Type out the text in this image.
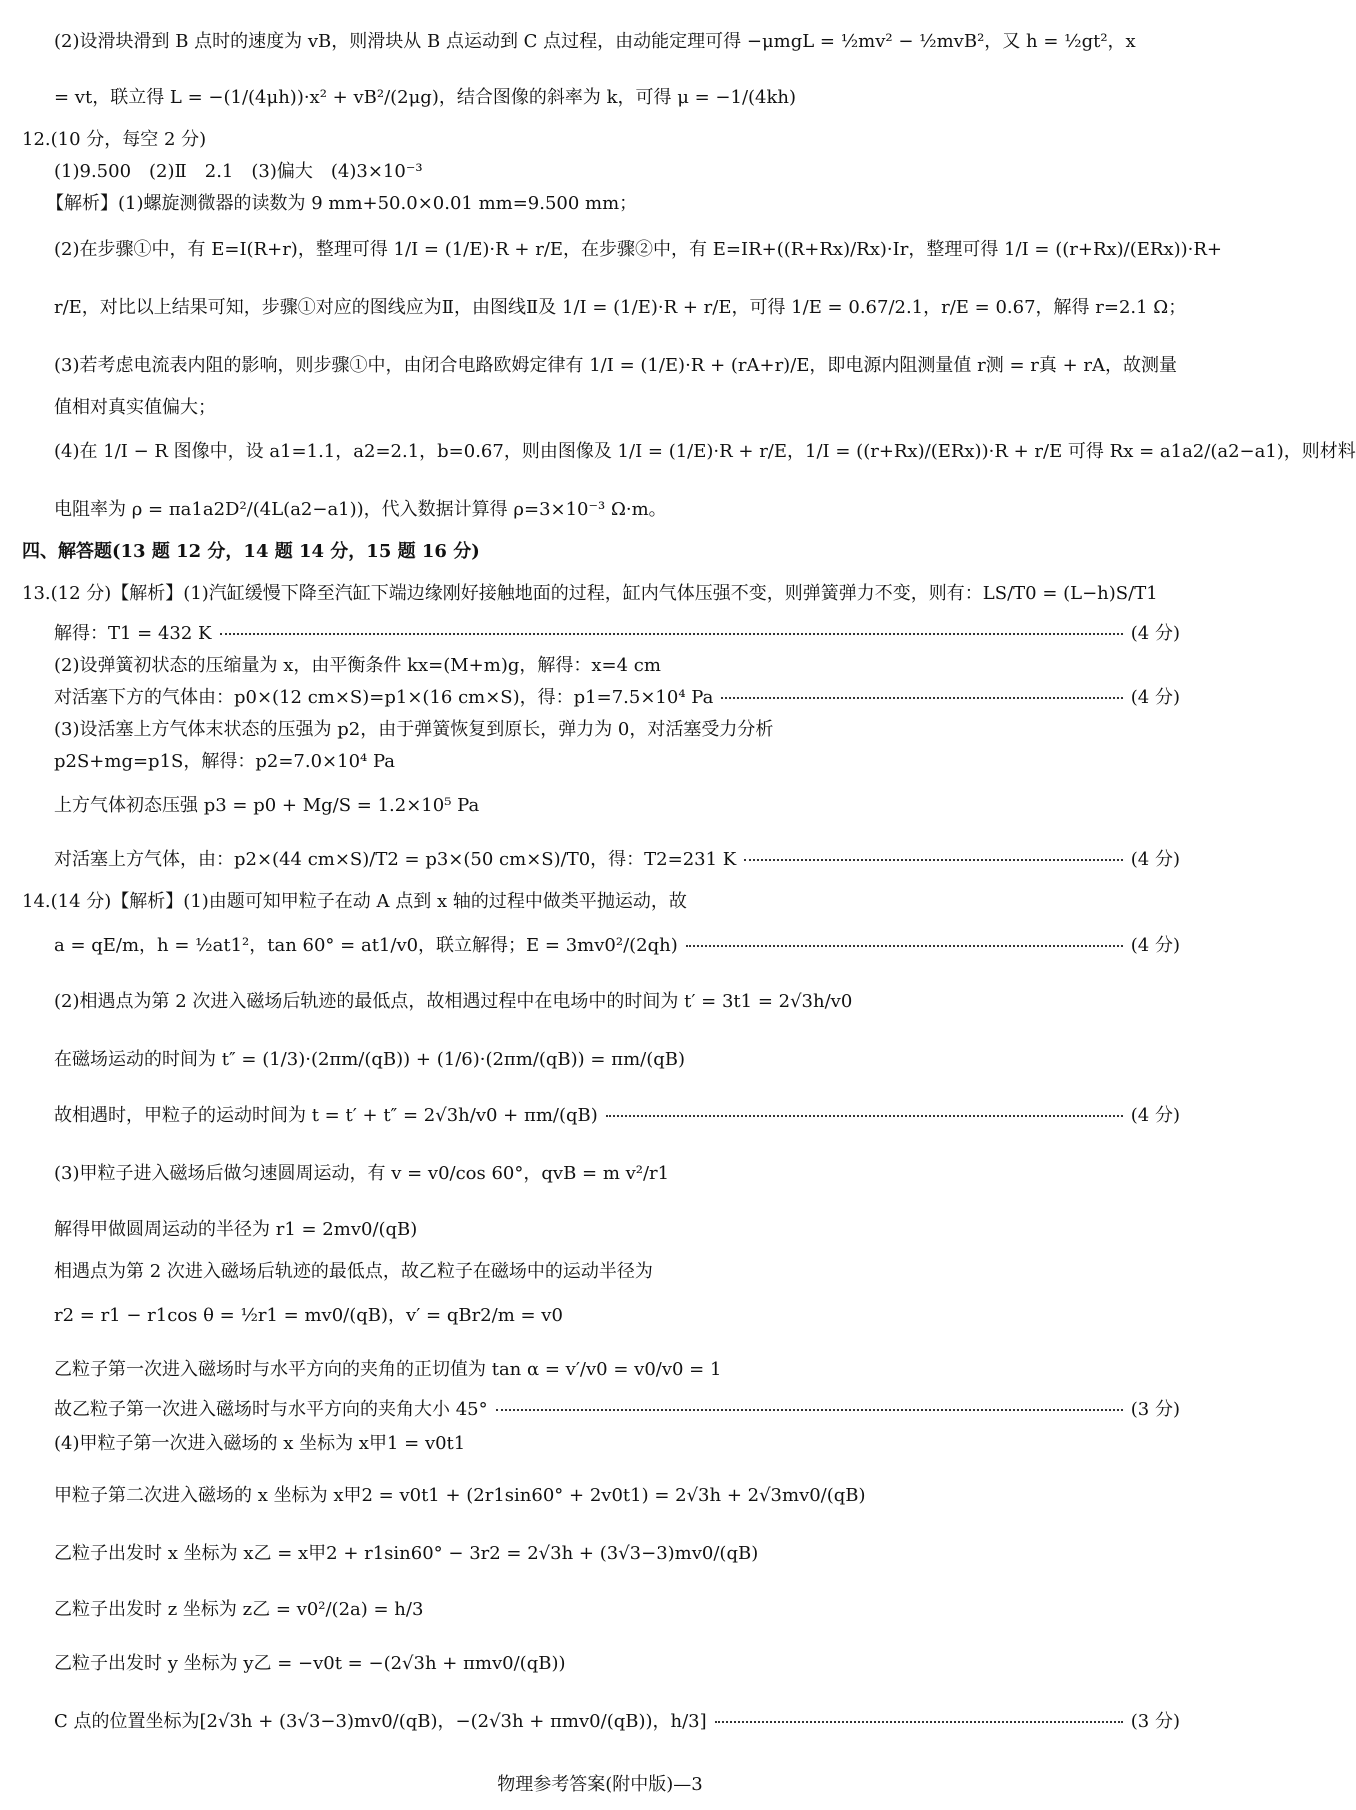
(2)设滑块滑到 B 点时的速度为 vB，则滑块从 B 点运动到 C 点过程，由动能定理可得 −μmgL = ½mv² − ½mvB²，又 h = ½gt²，x
= vt，联立得 L = −(1/(4μh))·x² + vB²/(2μg)，结合图像的斜率为 k，可得 μ = −1/(4kh)
12.(10 分，每空 2 分)
(1)9.500　(2)Ⅱ　2.1　(3)偏大　(4)3×10⁻³
【解析】(1)螺旋测微器的读数为 9 mm+50.0×0.01 mm=9.500 mm；
(2)在步骤①中，有 E=I(R+r)，整理可得 1/I = (1/E)·R + r/E，在步骤②中，有 E=IR+((R+Rx)/Rx)·Ir，整理可得 1/I = ((r+Rx)/(ERx))·R+
r/E，对比以上结果可知，步骤①对应的图线应为Ⅱ，由图线Ⅱ及 1/I = (1/E)·R + r/E，可得 1/E = 0.67/2.1，r/E = 0.67，解得 r=2.1 Ω；
(3)若考虑电流表内阻的影响，则步骤①中，由闭合电路欧姆定律有 1/I = (1/E)·R + (rA+r)/E，即电源内阻测量值 r测 = r真 + rA，故测量
值相对真实值偏大；
(4)在 1/I − R 图像中，设 a1=1.1，a2=2.1，b=0.67，则由图像及 1/I = (1/E)·R + r/E，1/I = ((r+Rx)/(ERx))·R + r/E 可得 Rx = a1a2/(a2−a1)，则材料
电阻率为 ρ = πa1a2D²/(4L(a2−a1))，代入数据计算得 ρ=3×10⁻³ Ω·m。
四、解答题(13 题 12 分，14 题 14 分，15 题 16 分)
13.(12 分)【解析】(1)汽缸缓慢下降至汽缸下端边缘刚好接触地面的过程，缸内气体压强不变，则弹簧弹力不变，则有：LS/T0 = (L−h)S/T1
解得：T1 = 432 K	(4 分)
(2)设弹簧初状态的压缩量为 x，由平衡条件 kx=(M+m)g，解得：x=4 cm
对活塞下方的气体由：p0×(12 cm×S)=p1×(16 cm×S)，得：p1=7.5×10⁴ Pa	(4 分)
(3)设活塞上方气体末状态的压强为 p2，由于弹簧恢复到原长，弹力为 0，对活塞受力分析
p2S+mg=p1S，解得：p2=7.0×10⁴ Pa
上方气体初态压强 p3 = p0 + Mg/S = 1.2×10⁵ Pa
对活塞上方气体，由：p2×(44 cm×S)/T2 = p3×(50 cm×S)/T0，得：T2=231 K	(4 分)
14.(14 分)【解析】(1)由题可知甲粒子在动 A 点到 x 轴的过程中做类平抛运动，故
a = qE/m，h = ½at1²，tan 60° = at1/v0，联立解得；E = 3mv0²/(2qh)	(4 分)
(2)相遇点为第 2 次进入磁场后轨迹的最低点，故相遇过程中在电场中的时间为 t′ = 3t1 = 2√3h/v0
在磁场运动的时间为 t″ = (1/3)·(2πm/(qB)) + (1/6)·(2πm/(qB)) = πm/(qB)
故相遇时，甲粒子的运动时间为 t = t′ + t″ = 2√3h/v0 + πm/(qB)	(4 分)
(3)甲粒子进入磁场后做匀速圆周运动，有 v = v0/cos 60°，qvB = m v²/r1
解得甲做圆周运动的半径为 r1 = 2mv0/(qB)
相遇点为第 2 次进入磁场后轨迹的最低点，故乙粒子在磁场中的运动半径为
r2 = r1 − r1cos θ = ½r1 = mv0/(qB)，v′ = qBr2/m = v0
乙粒子第一次进入磁场时与水平方向的夹角的正切值为 tan α = v′/v0 = v0/v0 = 1
故乙粒子第一次进入磁场时与水平方向的夹角大小 45°	(3 分)
(4)甲粒子第一次进入磁场的 x 坐标为 x甲1 = v0t1
甲粒子第二次进入磁场的 x 坐标为 x甲2 = v0t1 + (2r1sin60° + 2v0t1) = 2√3h + 2√3mv0/(qB)
乙粒子出发时 x 坐标为 x乙 = x甲2 + r1sin60° − 3r2 = 2√3h + (3√3−3)mv0/(qB)
乙粒子出发时 z 坐标为 z乙 = v0²/(2a) = h/3
乙粒子出发时 y 坐标为 y乙 = −v0t = −(2√3h + πmv0/(qB))
C 点的位置坐标为[2√3h + (3√3−3)mv0/(qB)，−(2√3h + πmv0/(qB))，h/3]	(3 分)
物理参考答案(附中版)—3
